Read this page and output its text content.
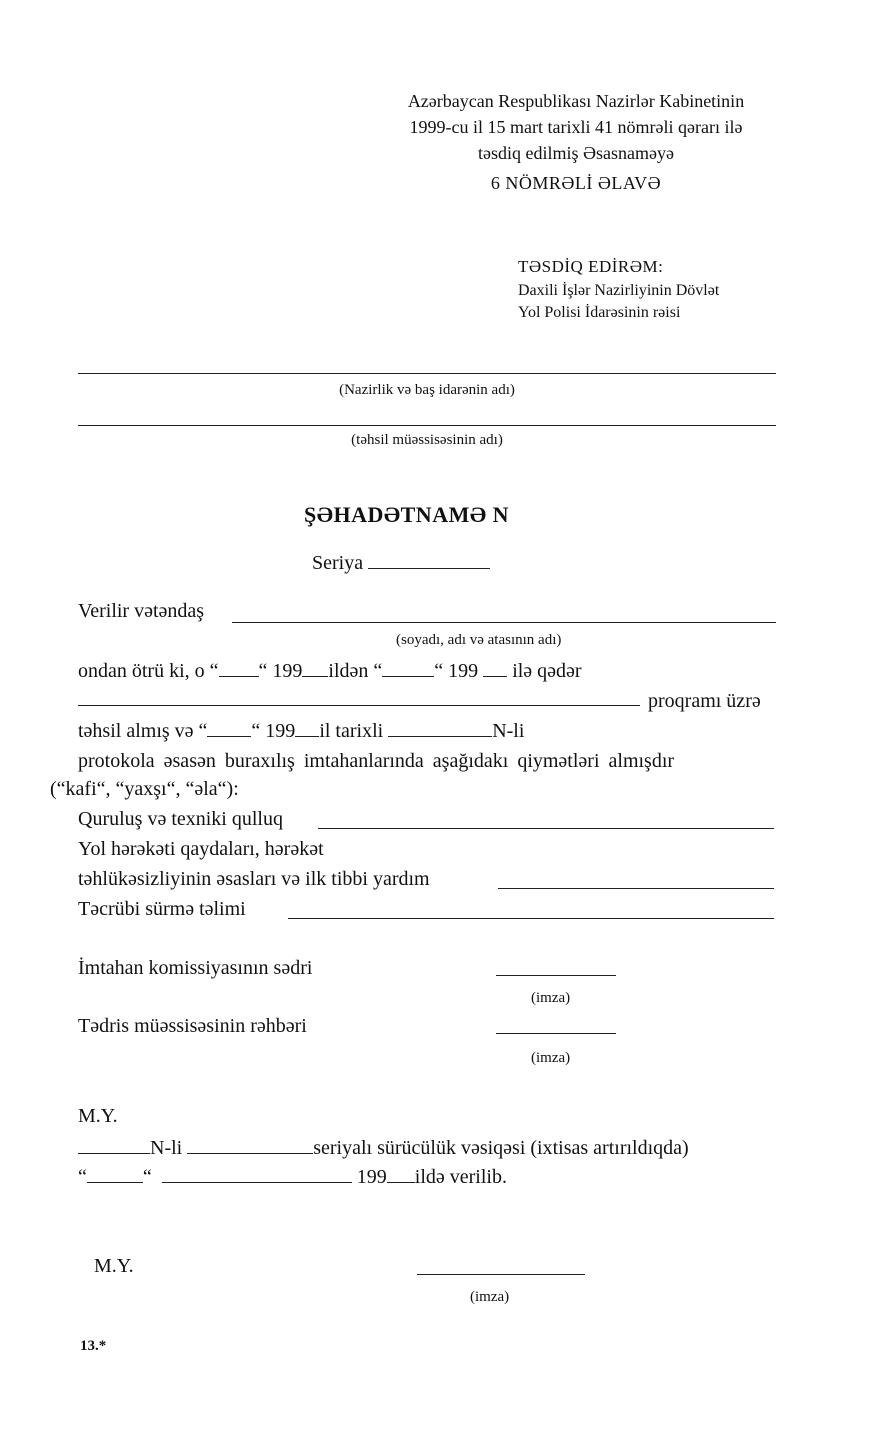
Azərbaycan Respublikası Nazirlər Kabinetinin
1999-cu il 15 mart tarixli 41 nömrəli qərarı ilə
təsdiq edilmiş Əsasnaməyə
6 NÖMRƏLİ ƏLAVƏ
TƏSDİQ EDİRƏM:
Daxili İşlər Nazirliyinin Dövlət
Yol Polisi İdarəsinin rəisi
(Nazirlik və baş idarənin adı)
(təhsil müəssisəsinin adı)
ŞƏHADƏTNAMƏ N
Seriya
Verilir vətəndaş
(soyadı, adı və atasının adı)
ondan ötrü ki, o “ “ 199 ildən “	“ 199 ilə qədər
proqramı üzrə
təhsil almış və “ “ 199 il tarixli	N-li
protokola əsasən buraxılış imtahanlarında aşağıdakı qiymətləri almışdır
(“kafi“, “yaxşı“, “əla“):
Quruluş və texniki qulluq
Yol hərəkəti qaydaları, hərəkət
təhlükəsizliyinin əsasları və ilk tibbi yardım
Təcrübi sürmə təlimi
İmtahan komissiyasının sədri
(imza)
Tədris müəssisəsinin rəhbəri
(imza)
M.Y.
N-li	seriyalı sürücülük vəsiqəsi (ixtisas artırıldıqda)
“	“	199 ildə verilib.
M.Y.
(imza)
13.*
